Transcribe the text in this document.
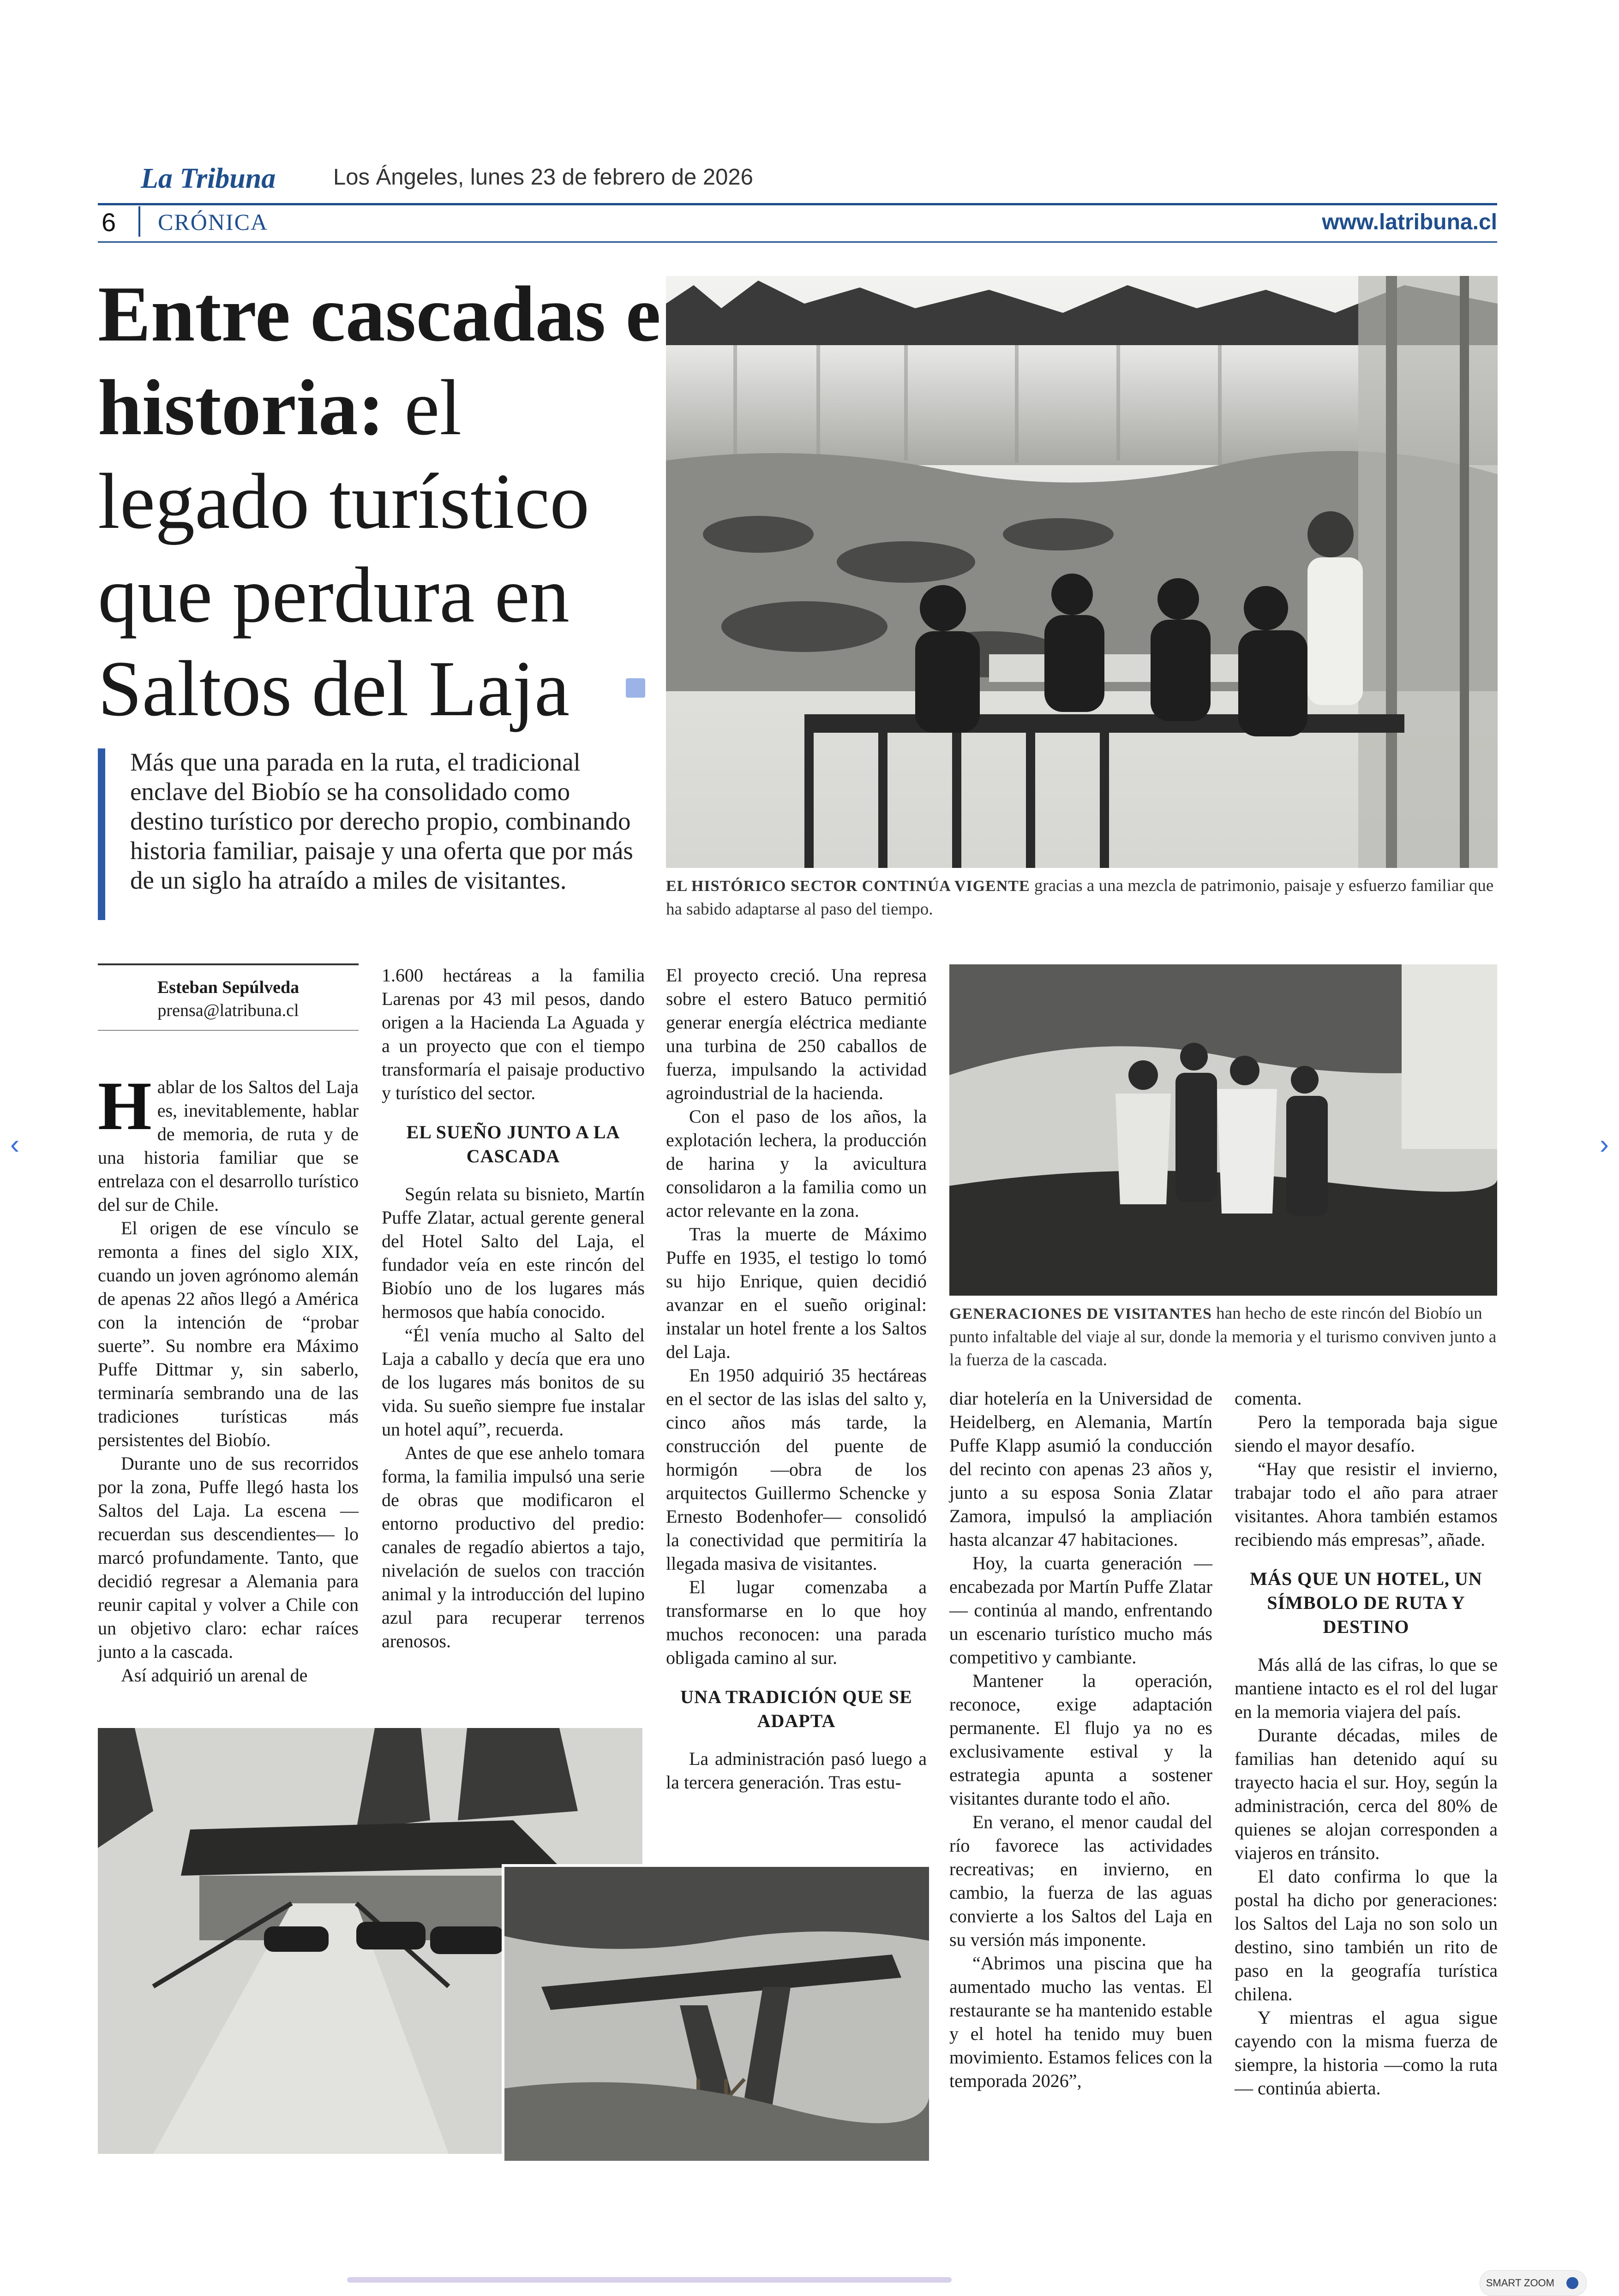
La Tribuna	Los Ángeles, lunes 23 de febrero de 2026
6 CRÓNICA	www.latribuna.cl
Entre cascadas e historia: el legado turístico que perdura en Saltos del Laja
Más que una parada en la ruta, el tradicional enclave del Biobío se ha consolidado como destino turístico por derecho propio, combinando historia familiar, paisaje y una oferta que por más de un siglo ha atraído a miles de visitantes.	EL HISTÓRICO SECTOR CONTINÚA VIGENTE gracias a una mezcla de patrimonio, paisaje y esfuerzo familiar que ha sabido adaptarse al paso del tiempo.
GENERACIONES DE VISITANTES han hecho de este rincón del Biobío un punto infaltable del viaje al sur, donde la memoria y el turismo conviven junto a la fuerza de la cascada.
Esteban Sepúlveda
prensa@latribuna.cl

Hablar de los Saltos del Laja es, inevitablemente, hablar de memoria, de ruta y de una historia familiar que se entrelaza con el desarrollo turístico del sur de Chile.

El origen de ese vínculo se remonta a fines del siglo XIX, cuando un joven agrónomo alemán de apenas 22 años llegó a América con la intención de “probar suerte”. Su nombre era Máximo Puffe Dittmar y, sin saberlo, terminaría sembrando una de las tradiciones turísticas más persistentes del Biobío.

Durante uno de sus recorridos por la zona, Puffe llegó hasta los Saltos del Laja. La escena —recuerdan sus descendientes— lo marcó profundamente. Tanto, que decidió regresar a Alemania para reunir capital y volver a Chile con un objetivo claro: echar raíces junto a la cascada.

Así adquirió un arenal de

1.600 hectáreas a la familia Larenas por 43 mil pesos, dando origen a la Hacienda La Aguada y a un proyecto que con el tiempo transformaría el paisaje productivo y turístico del sector.

EL SUEÑO JUNTO A LA CASCADA

Según relata su bisnieto, Martín Puffe Zlatar, actual gerente general del Hotel Salto del Laja, el fundador veía en este rincón del Biobío uno de los lugares más hermosos que había conocido.

“Él venía mucho al Salto del Laja a caballo y decía que era uno de los lugares más bonitos de su vida. Su sueño siempre fue instalar un hotel aquí”, recuerda.

Antes de que ese anhelo tomara forma, la familia impulsó una serie de obras que modificaron el entorno productivo del predio: canales de regadío abiertos a tajo, nivelación de suelos con tracción animal y la introducción del lupino azul para recuperar terrenos arenosos.

El proyecto creció. Una represa sobre el estero Batuco permitió generar energía eléctrica mediante una turbina de 250 caballos de fuerza, impulsando la actividad agroindustrial de la hacienda.

Con el paso de los años, la explotación lechera, la producción de harina y la avicultura consolidaron a la familia como un actor relevante en la zona.

Tras la muerte de Máximo Puffe en 1935, el testigo lo tomó su hijo Enrique, quien decidió avanzar en el sueño original: instalar un hotel frente a los Saltos del Laja.

En 1950 adquirió 35 hectáreas en el sector de las islas del salto y, cinco años más tarde, la construcción del puente de hormigón —obra de los arquitectos Guillermo Schencke y Ernesto Bodenhofer— consolidó la conectividad que permitiría la llegada masiva de visitantes.

El lugar comenzaba a transformarse en lo que hoy muchos reconocen: una parada obligada camino al sur.

UNA TRADICIÓN QUE SE ADAPTA

La administración pasó luego a la tercera generación. Tras estu-

diar hotelería en la Universidad de Heidelberg, en Alemania, Martín Puffe Klapp asumió la conducción del recinto con apenas 23 años y, junto a su esposa Sonia Zlatar Zamora, impulsó la ampliación hasta alcanzar 47 habitaciones.

Hoy, la cuarta generación —encabezada por Martín Puffe Zlatar— continúa al mando, enfrentando un escenario turístico mucho más competitivo y cambiante.

Mantener la operación, reconoce, exige adaptación permanente. El flujo ya no es exclusivamente estival y la estrategia apunta a sostener visitantes durante todo el año.

En verano, el menor caudal del río favorece las actividades recreativas; en invierno, en cambio, la fuerza de las aguas convierte a los Saltos del Laja en su versión más imponente.

“Abrimos una piscina que ha aumentado mucho las ventas. El restaurante se ha mantenido estable y el hotel ha tenido muy buen movimiento. Estamos felices con la temporada 2026”,

comenta.

Pero la temporada baja sigue siendo el mayor desafío.

“Hay que resistir el invierno, trabajar todo el año para atraer visitantes. Ahora también estamos recibiendo más empresas”, añade.

MÁS QUE UN HOTEL, UN SÍMBOLO DE RUTA Y DESTINO

Más allá de las cifras, lo que se mantiene intacto es el rol del lugar en la memoria viajera del país.

Durante décadas, miles de familias han detenido aquí su trayecto hacia el sur. Hoy, según la administración, cerca del 80% de quienes se alojan corresponden a viajeros en tránsito.

El dato confirma lo que la postal ha dicho por generaciones: los Saltos del Laja no son solo un destino, sino también un rito de paso en la geografía turística chilena.

Y mientras el agua sigue cayendo con la misma fuerza de siempre, la historia —como la ruta— continúa abierta.

‹	›
SMART ZOOM
